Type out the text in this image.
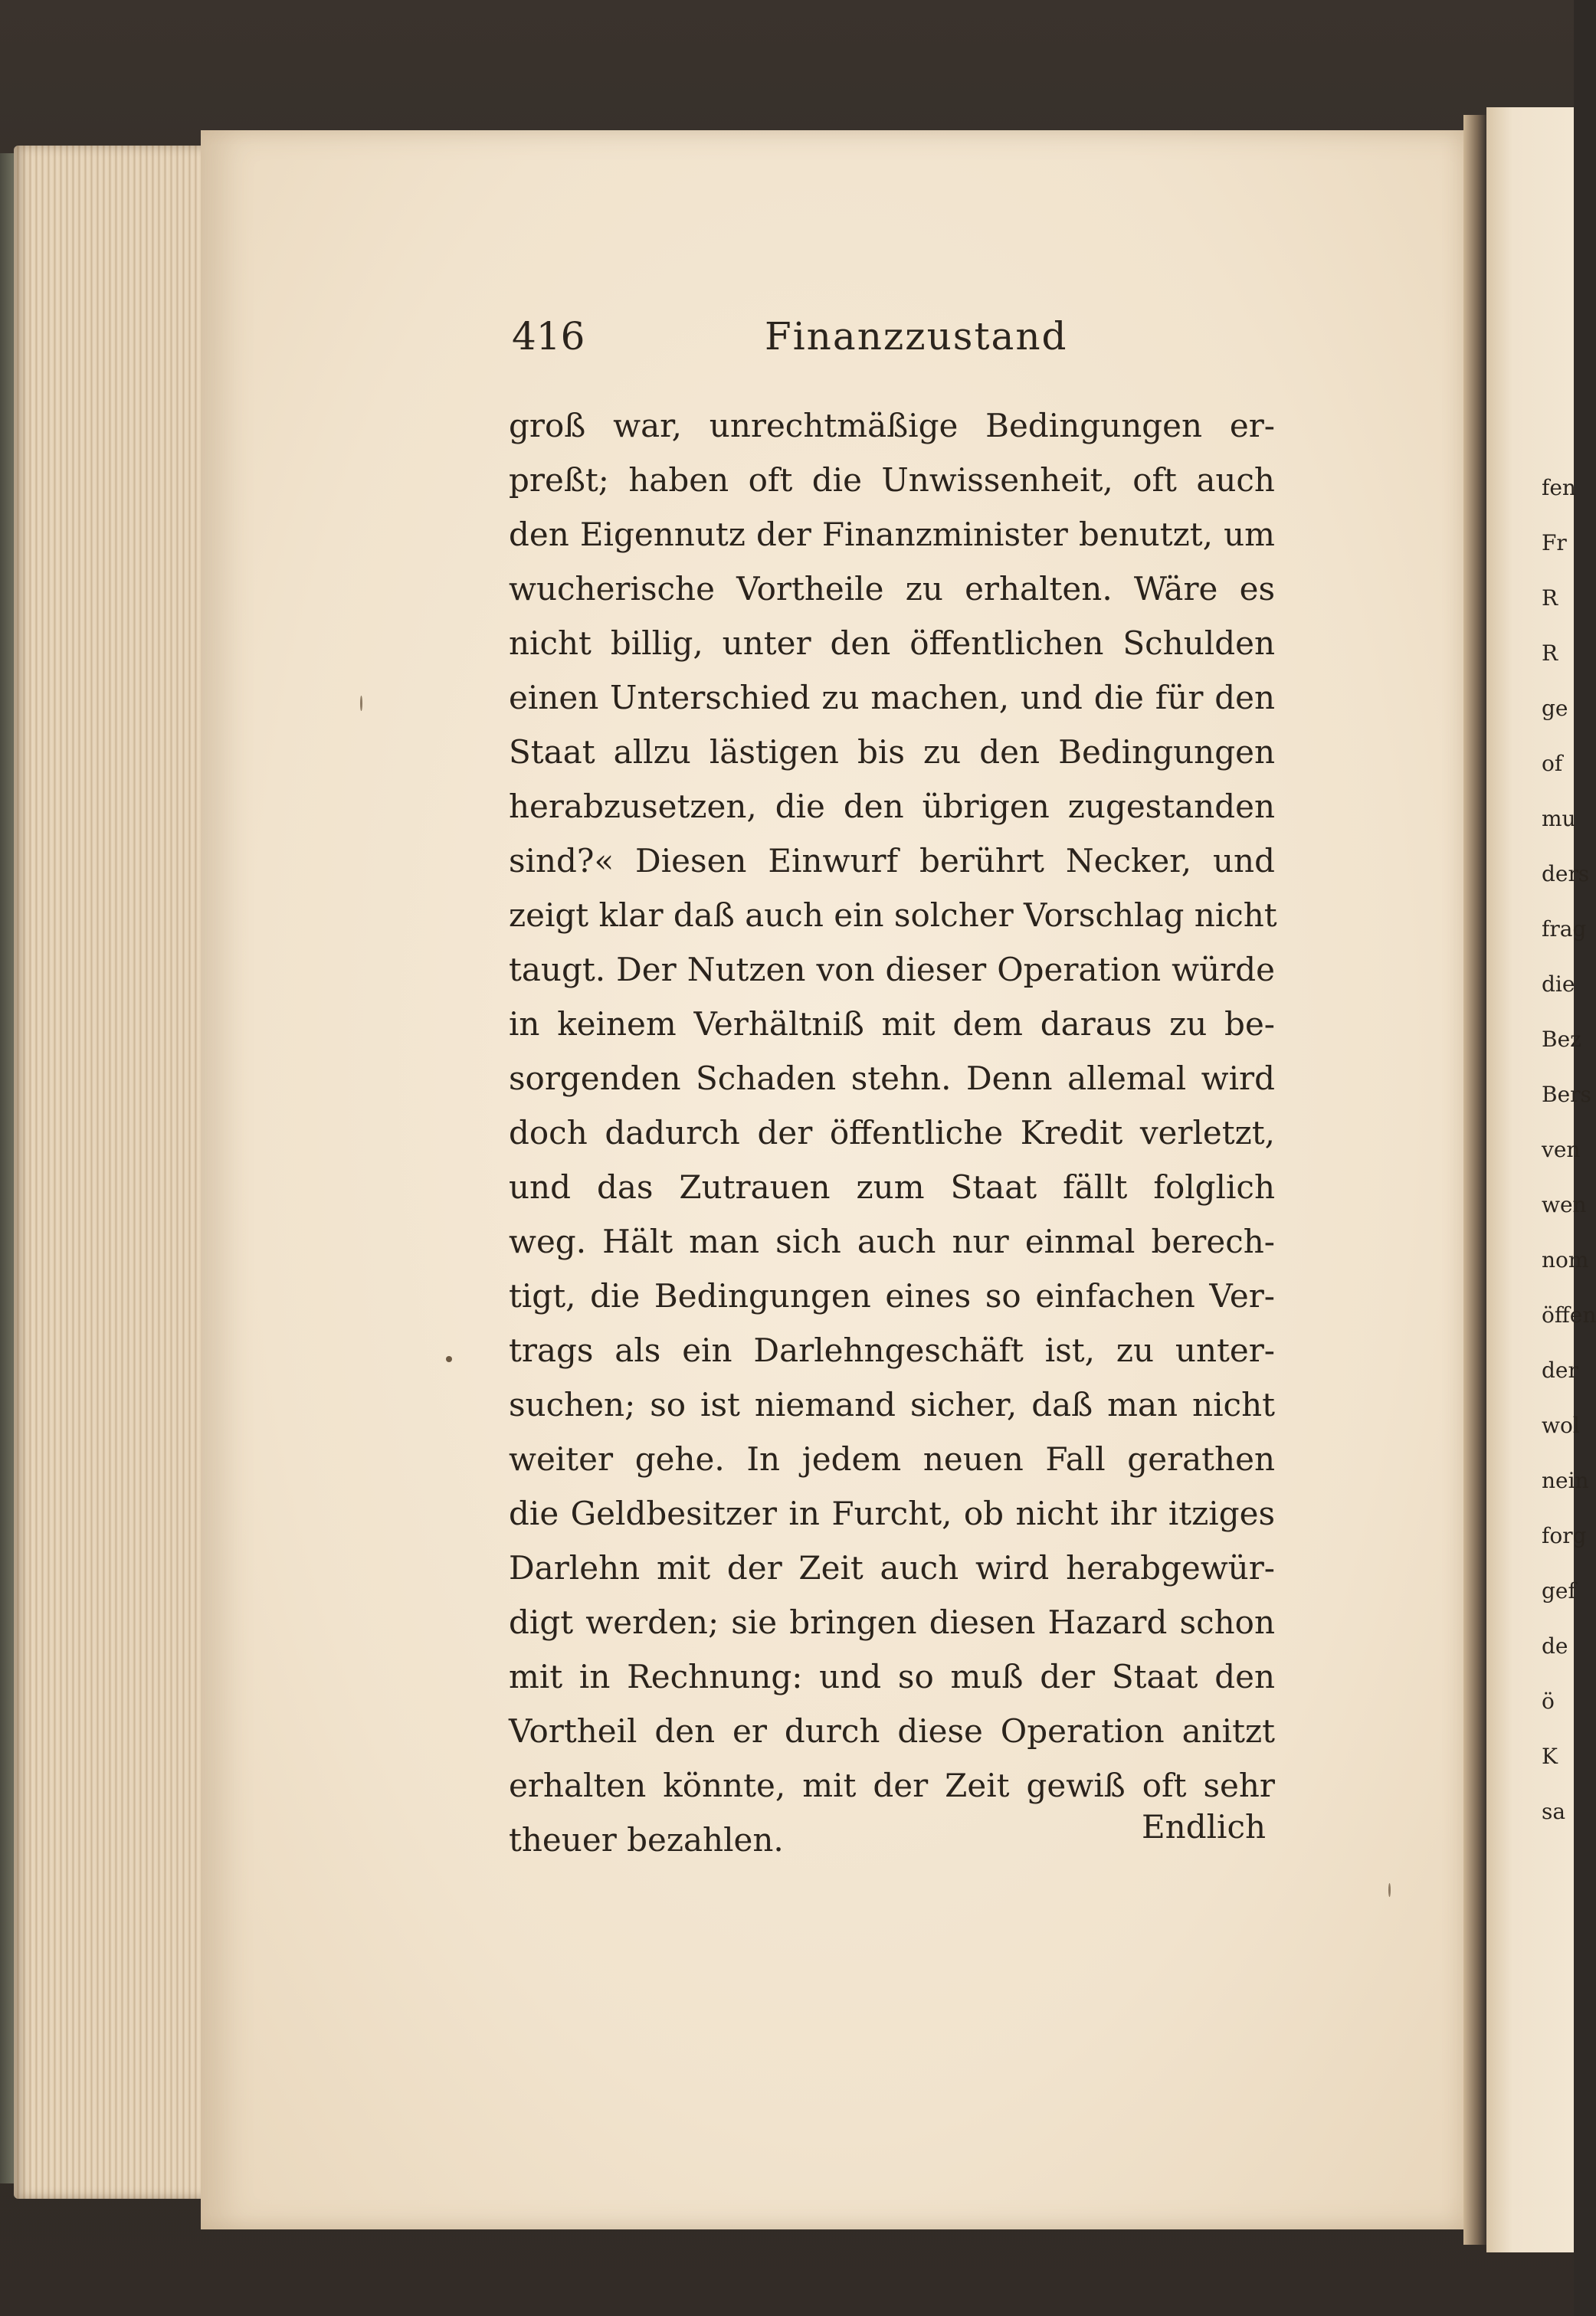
fen
Fr
R
R
ge
of
mu
ders
frag
die
Bez
Bers
ven
wen
nom
öffen
der
wol
nein
forg
gef
de
ö
K
sa
416	Finanzzustand
groß war, unrechtmäßige Bedingungen er-
preßt; haben oft die Unwissenheit, oft auch
den Eigennutz der Finanzminister benutzt, um
wucherische Vortheile zu erhalten. Wäre es
nicht billig, unter den öffentlichen Schulden
einen Unterschied zu machen, und die für den
Staat allzu lästigen bis zu den Bedingungen
herabzusetzen, die den übrigen zugestanden
sind?« Diesen Einwurf berührt Necker, und
zeigt klar daß auch ein solcher Vorschlag nicht
taugt. Der Nutzen von dieser Operation würde
in keinem Verhältniß mit dem daraus zu be-
sorgenden Schaden stehn. Denn allemal wird
doch dadurch der öffentliche Kredit verletzt,
und das Zutrauen zum Staat fällt folglich
weg. Hält man sich auch nur einmal berech-
tigt, die Bedingungen eines so einfachen Ver-
trags als ein Darlehngeschäft ist, zu unter-
suchen; so ist niemand sicher, daß man nicht
weiter gehe. In jedem neuen Fall gerathen
die Geldbesitzer in Furcht, ob nicht ihr itziges
Darlehn mit der Zeit auch wird herabgewür-
digt werden; sie bringen diesen Hazard schon
mit in Rechnung: und so muß der Staat den
Vortheil den er durch diese Operation anitzt
erhalten könnte, mit der Zeit gewiß oft sehr
theuer bezahlen.	Endlich
